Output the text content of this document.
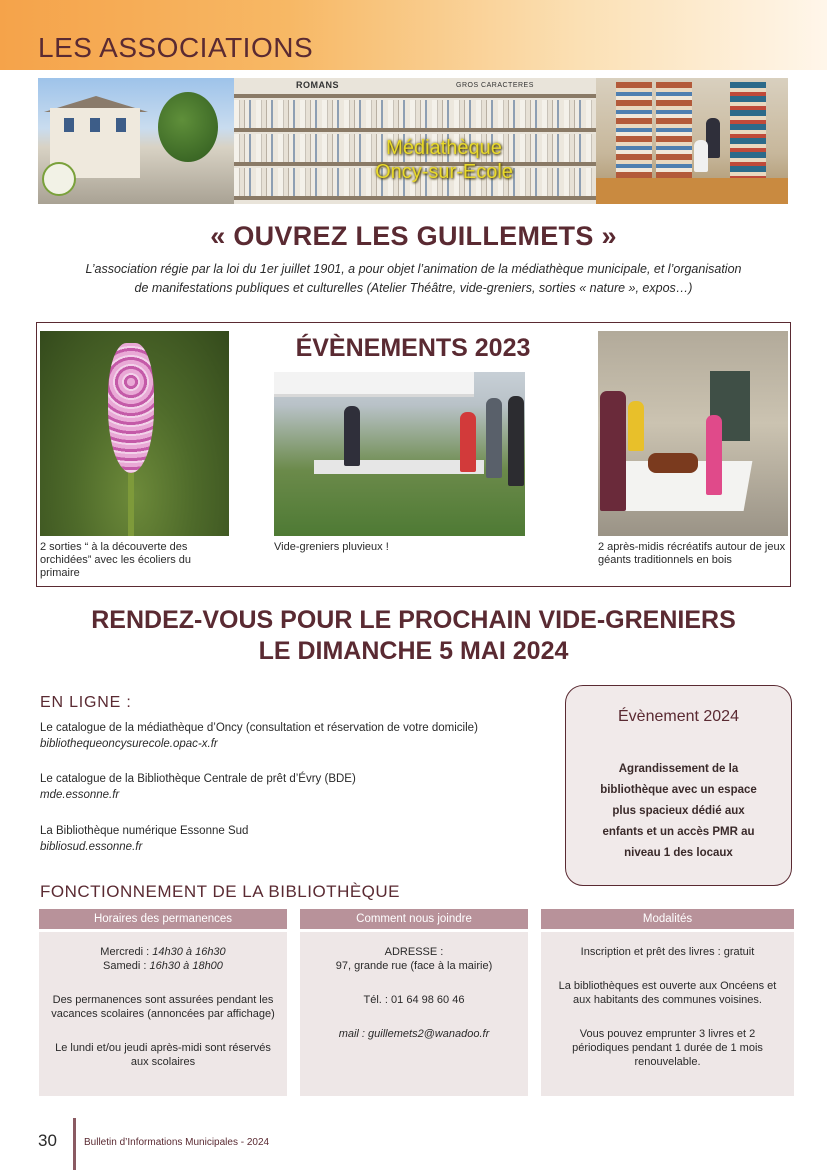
LES ASSOCIATIONS
ROMANS	GROS CARACTERES
Médiathèque
Oncy-sur-Ecole
« OUVREZ LES GUILLEMETS »
L’association régie par la loi du 1er juillet 1901, a pour objet l’animation de la médiathèque municipale, et l’organisation
de manifestations publiques et culturelles (Atelier Théâtre, vide-greniers, sorties « nature », expos…)
ÉVÈNEMENTS 2023
2 sorties “ à la découverte des orchidées” avec les écoliers du primaire
Vide-greniers pluvieux !	2 après-midis récréatifs autour de jeux géants traditionnels en bois
RENDEZ-VOUS POUR LE PROCHAIN VIDE-GRENIERS
LE DIMANCHE 5 MAI 2024
EN LIGNE :
Le catalogue de la médiathèque d’Oncy (consultation et réservation de votre domicile)
bibliothequeoncysurecole.opac-x.fr
Le catalogue de la Bibliothèque Centrale de prêt d’Évry (BDE)
mde.essonne.fr
La Bibliothèque numérique Essonne Sud
bibliosud.essonne.fr
Évènement 2024
Agrandissement de la
bibliothèque avec un espace
plus spacieux dédié aux
enfants et un accès PMR au
niveau 1 des locaux
FONCTIONNEMENT DE LA BIBLIOTHÈQUE
Horaires des permanences

Mercredi : 14h30 à 16h30

Samedi : 16h30 à 18h00

Des permanences sont assurées pendant les vacances scolaires (annoncées par affichage)

Le lundi et/ou jeudi après-midi sont réservés aux scolaires

Comment nous joindre

ADRESSE :

97, grande rue (face à la mairie)

Tél. : 01 64 98 60 46

mail : guillemets2@wanadoo.fr

Modalités

Inscription et prêt des livres : gratuit

La bibliothèques est ouverte aux Oncéens et aux habitants des communes voisines.

Vous pouvez emprunter 3 livres et 2 périodiques pendant 1 durée de 1 mois renouvelable.

30	Bulletin d’Informations Municipales - 2024
